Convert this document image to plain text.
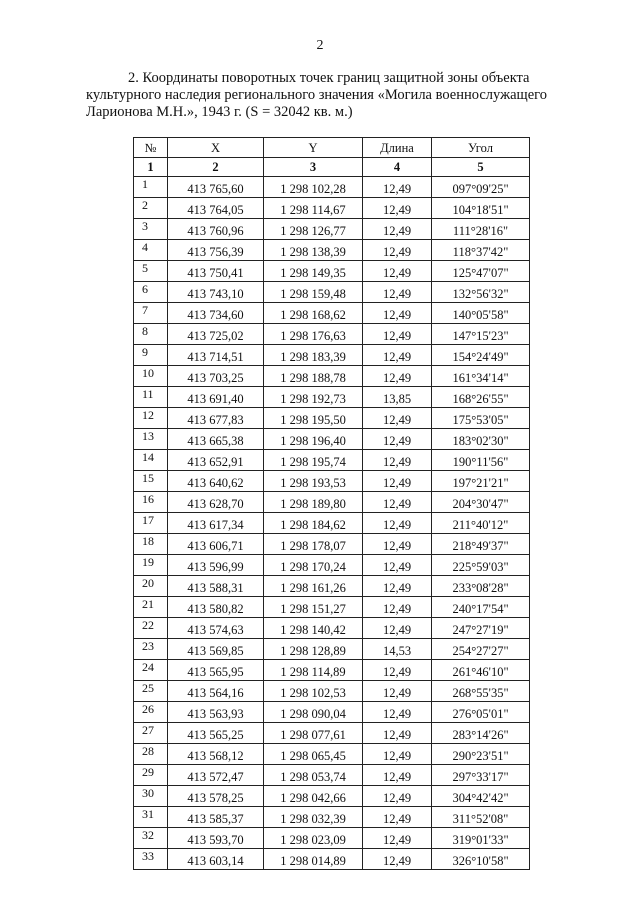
2
2. Координаты поворотных точек границ защитной зоны объекта
культурного наследия регионального значения «Могила военнослужащего
Ларионова М.Н.», 1943 г. (S = 32042 кв. м.)
№	X	Y	Длина	Угол
1	2	3	4	5
1	413 765,60	1 298 102,28	12,49	097°09'25"
2	413 764,05	1 298 114,67	12,49	104°18'51"
3	413 760,96	1 298 126,77	12,49	111°28'16"
4	413 756,39	1 298 138,39	12,49	118°37'42"
5	413 750,41	1 298 149,35	12,49	125°47'07"
6	413 743,10	1 298 159,48	12,49	132°56'32"
7	413 734,60	1 298 168,62	12,49	140°05'58"
8	413 725,02	1 298 176,63	12,49	147°15'23"
9	413 714,51	1 298 183,39	12,49	154°24'49"
10	413 703,25	1 298 188,78	12,49	161°34'14"
11	413 691,40	1 298 192,73	13,85	168°26'55"
12	413 677,83	1 298 195,50	12,49	175°53'05"
13	413 665,38	1 298 196,40	12,49	183°02'30"
14	413 652,91	1 298 195,74	12,49	190°11'56"
15	413 640,62	1 298 193,53	12,49	197°21'21"
16	413 628,70	1 298 189,80	12,49	204°30'47"
17	413 617,34	1 298 184,62	12,49	211°40'12"
18	413 606,71	1 298 178,07	12,49	218°49'37"
19	413 596,99	1 298 170,24	12,49	225°59'03"
20	413 588,31	1 298 161,26	12,49	233°08'28"
21	413 580,82	1 298 151,27	12,49	240°17'54"
22	413 574,63	1 298 140,42	12,49	247°27'19"
23	413 569,85	1 298 128,89	14,53	254°27'27"
24	413 565,95	1 298 114,89	12,49	261°46'10"
25	413 564,16	1 298 102,53	12,49	268°55'35"
26	413 563,93	1 298 090,04	12,49	276°05'01"
27	413 565,25	1 298 077,61	12,49	283°14'26"
28	413 568,12	1 298 065,45	12,49	290°23'51"
29	413 572,47	1 298 053,74	12,49	297°33'17"
30	413 578,25	1 298 042,66	12,49	304°42'42"
31	413 585,37	1 298 032,39	12,49	311°52'08"
32	413 593,70	1 298 023,09	12,49	319°01'33"
33	413 603,14	1 298 014,89	12,49	326°10'58"
